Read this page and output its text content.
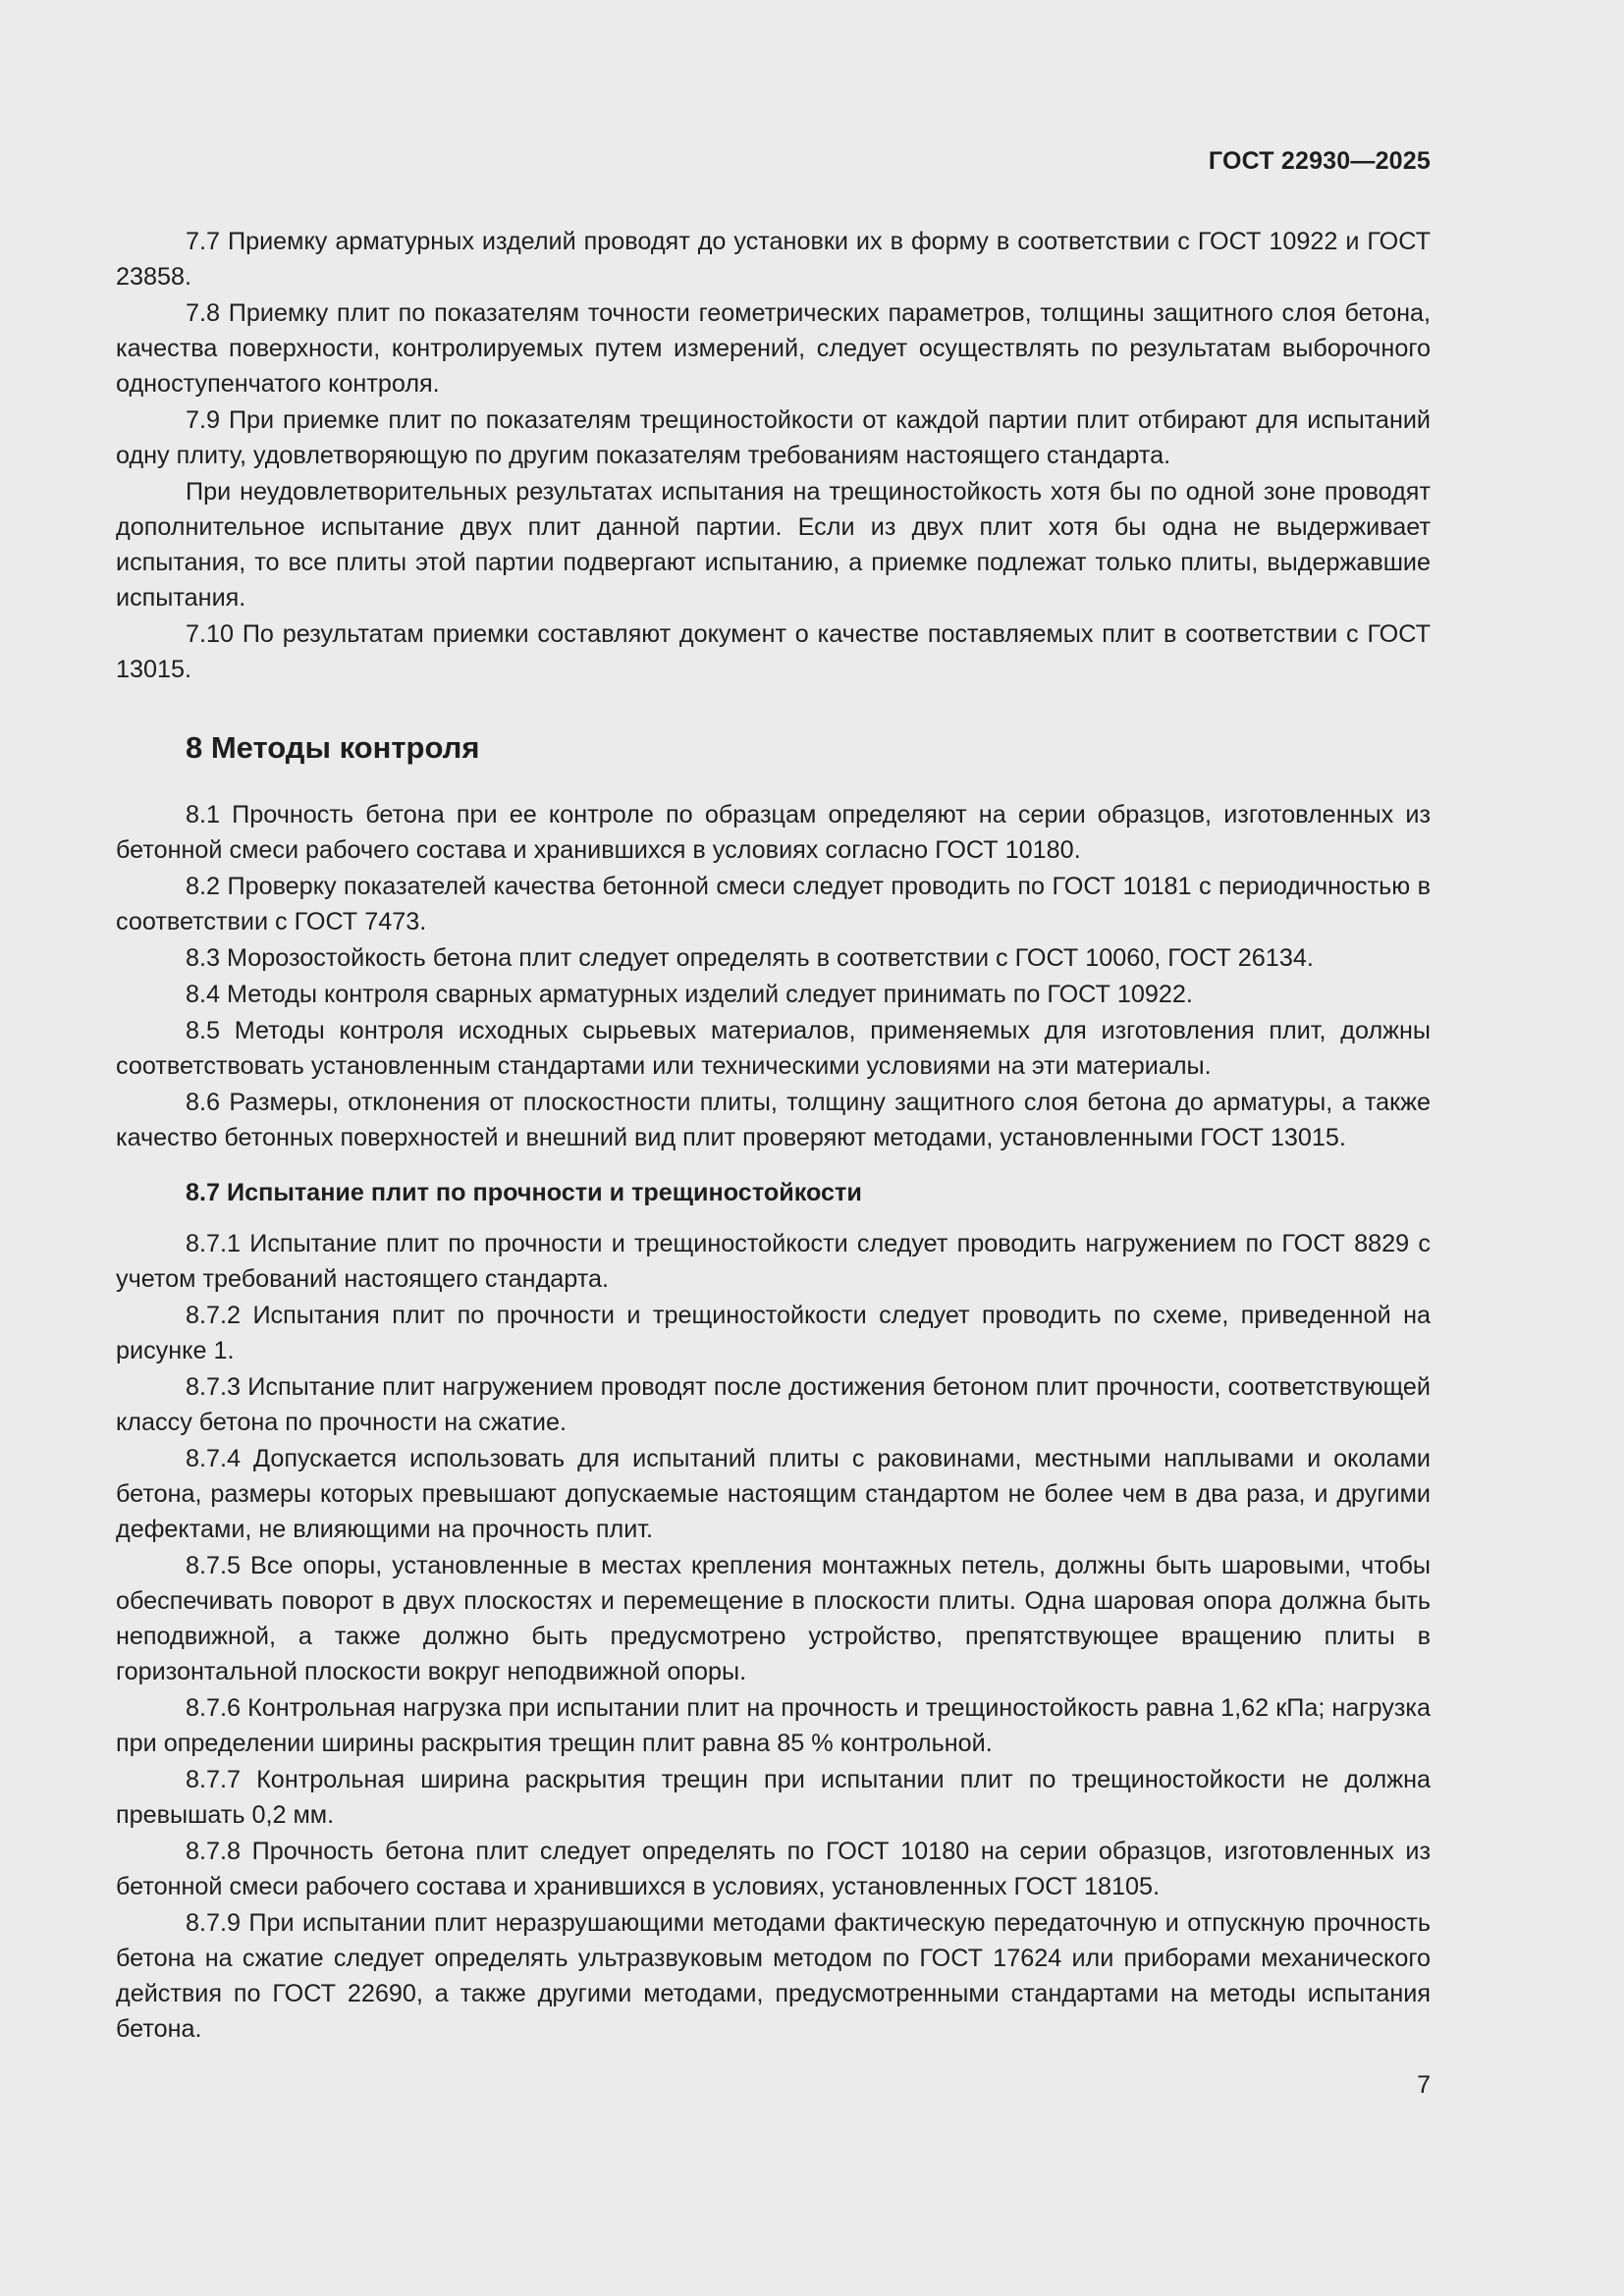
ГОСТ 22930—2025

7.7 Приемку арматурных изделий проводят до установки их в форму в соответствии с ГОСТ 10922 и ГОСТ 23858.

7.8 Приемку плит по показателям точности геометрических параметров, толщины защитного слоя бетона, качества поверхности, контролируемых путем измерений, следует осуществлять по результатам выборочного одноступенчатого контроля.

7.9 При приемке плит по показателям трещиностойкости от каждой партии плит отбирают для испытаний одну плиту, удовлетворяющую по другим показателям требованиям настоящего стандарта.

При неудовлетворительных результатах испытания на трещиностойкость хотя бы по одной зоне проводят дополнительное испытание двух плит данной партии. Если из двух плит хотя бы одна не выдерживает испытания, то все плиты этой партии подвергают испытанию, а приемке подлежат только плиты, выдержавшие испытания.

7.10 По результатам приемки составляют документ о качестве поставляемых плит в соответствии с ГОСТ 13015.

8 Методы контроля

8.1 Прочность бетона при ее контроле по образцам определяют на серии образцов, изготовленных из бетонной смеси рабочего состава и хранившихся в условиях согласно ГОСТ 10180.

8.2 Проверку показателей качества бетонной смеси следует проводить по ГОСТ 10181 с периодичностью в соответствии с ГОСТ 7473.

8.3 Морозостойкость бетона плит следует определять в соответствии с ГОСТ 10060, ГОСТ 26134.

8.4 Методы контроля сварных арматурных изделий следует принимать по ГОСТ 10922.

8.5 Методы контроля исходных сырьевых материалов, применяемых для изготовления плит, должны соответствовать установленным стандартами или техническими условиями на эти материалы.

8.6 Размеры, отклонения от плоскостности плиты, толщину защитного слоя бетона до арматуры, а также качество бетонных поверхностей и внешний вид плит проверяют методами, установленными ГОСТ 13015.

8.7 Испытание плит по прочности и трещиностойкости

8.7.1 Испытание плит по прочности и трещиностойкости следует проводить нагружением по ГОСТ 8829 с учетом требований настоящего стандарта.

8.7.2 Испытания плит по прочности и трещиностойкости следует проводить по схеме, приведенной на рисунке 1.

8.7.3 Испытание плит нагружением проводят после достижения бетоном плит прочности, соответствующей классу бетона по прочности на сжатие.

8.7.4 Допускается использовать для испытаний плиты с раковинами, местными наплывами и околами бетона, размеры которых превышают допускаемые настоящим стандартом не более чем в два раза, и другими дефектами, не влияющими на прочность плит.

8.7.5 Все опоры, установленные в местах крепления монтажных петель, должны быть шаровыми, чтобы обеспечивать поворот в двух плоскостях и перемещение в плоскости плиты. Одна шаровая опора должна быть неподвижной, а также должно быть предусмотрено устройство, препятствующее вращению плиты в горизонтальной плоскости вокруг неподвижной опоры.

8.7.6 Контрольная нагрузка при испытании плит на прочность и трещиностойкость равна 1,62 кПа; нагрузка при определении ширины раскрытия трещин плит равна 85 % контрольной.

8.7.7 Контрольная ширина раскрытия трещин при испытании плит по трещиностойкости не должна превышать 0,2 мм.

8.7.8 Прочность бетона плит следует определять по ГОСТ 10180 на серии образцов, изготовленных из бетонной смеси рабочего состава и хранившихся в условиях, установленных ГОСТ 18105.

8.7.9 При испытании плит неразрушающими методами фактическую передаточную и отпускную прочность бетона на сжатие следует определять ультразвуковым методом по ГОСТ 17624 или приборами механического действия по ГОСТ 22690, а также другими методами, предусмотренными стандартами на методы испытания бетона.

7
